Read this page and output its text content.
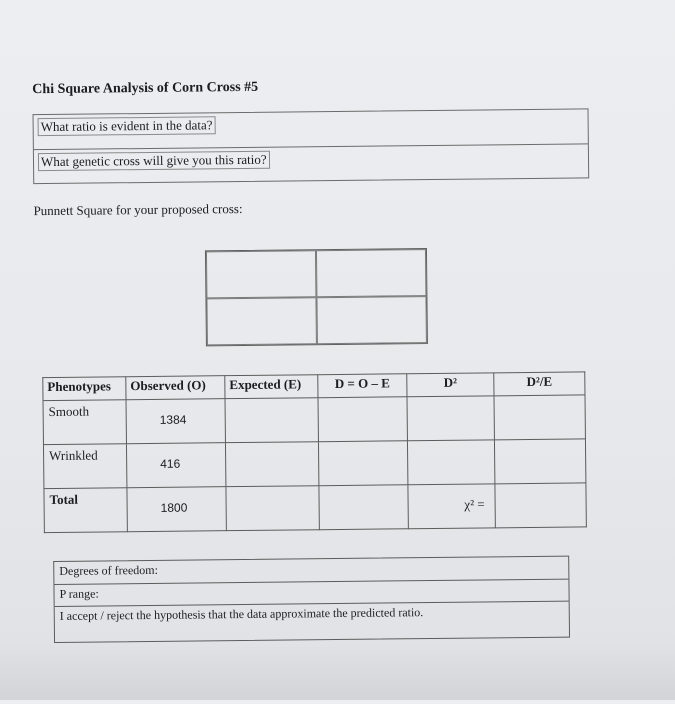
Chi Square Analysis of Corn Cross #5
What ratio is evident in the data?
What genetic cross will give you this ratio?
Punnett Square for your proposed cross:
Phenotypes	Observed (O)	Expected (E)	D = O – E	D²	D²/E

Smooth	1384				

Wrinkled	416				

Total	1800			χ² =	

Degrees of freedom:
P range:
I accept / reject the hypothesis that the data approximate the predicted ratio.
